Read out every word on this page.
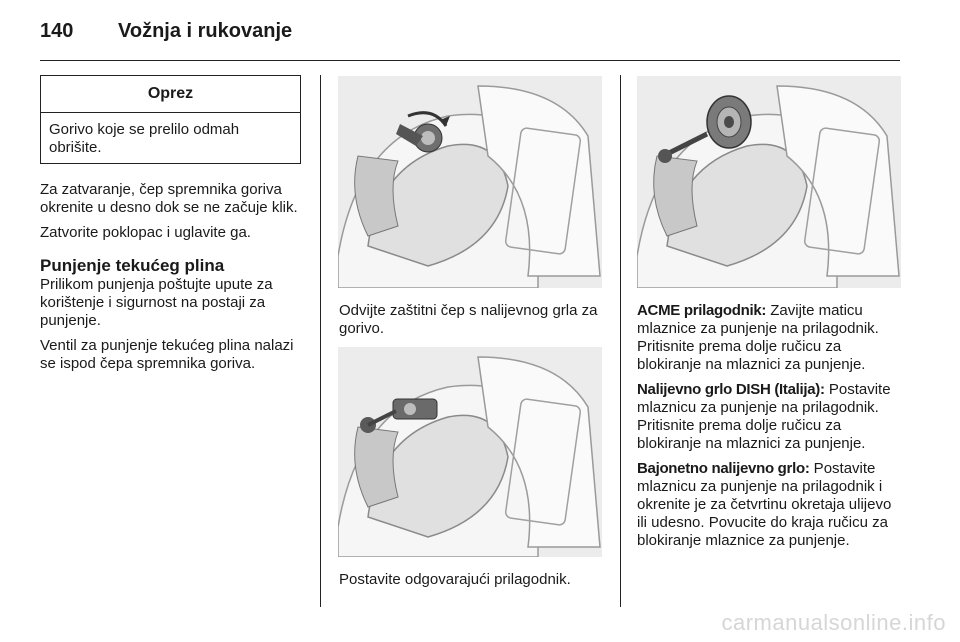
140 Vožnja i rukovanje
Oprez
Gorivo koje se prelilo odmah obrišite.

Za zatvaranje, čep spremnika goriva okrenite u desno dok se ne začuje klik.

Zatvorite poklopac i uglavite ga.

Punjenje tekućeg plina

Prilikom punjenja poštujte upute za korištenje i sigurnost na postaji za punjenje.

Ventil za punjenje tekućeg plina nalazi se ispod čepa spremnika goriva.

Odvijte zaštitni čep s nalijevnog grla za gorivo.
Postavite odgovarajući prilagodnik.

ACME prilagodnik: Zavijte maticu mlaznice za punjenje na prilagodnik. Pritisnite prema dolje ručicu za blokiranje na mlaznici za punjenje.

Nalijevno grlo DISH (Italija): Postavite mlaznicu za punjenje na prilagodnik. Pritisnite prema dolje ručicu za blokiranje na mlaznici za punjenje.

Bajonetno nalijevno grlo: Postavite mlaznicu za punjenje na prilagodnik i okrenite je za četvrtinu okretaja ulijevo ili udesno. Povucite do kraja ručicu za blokiranje mlaznice za punjenje.

carmanualsonline.info
